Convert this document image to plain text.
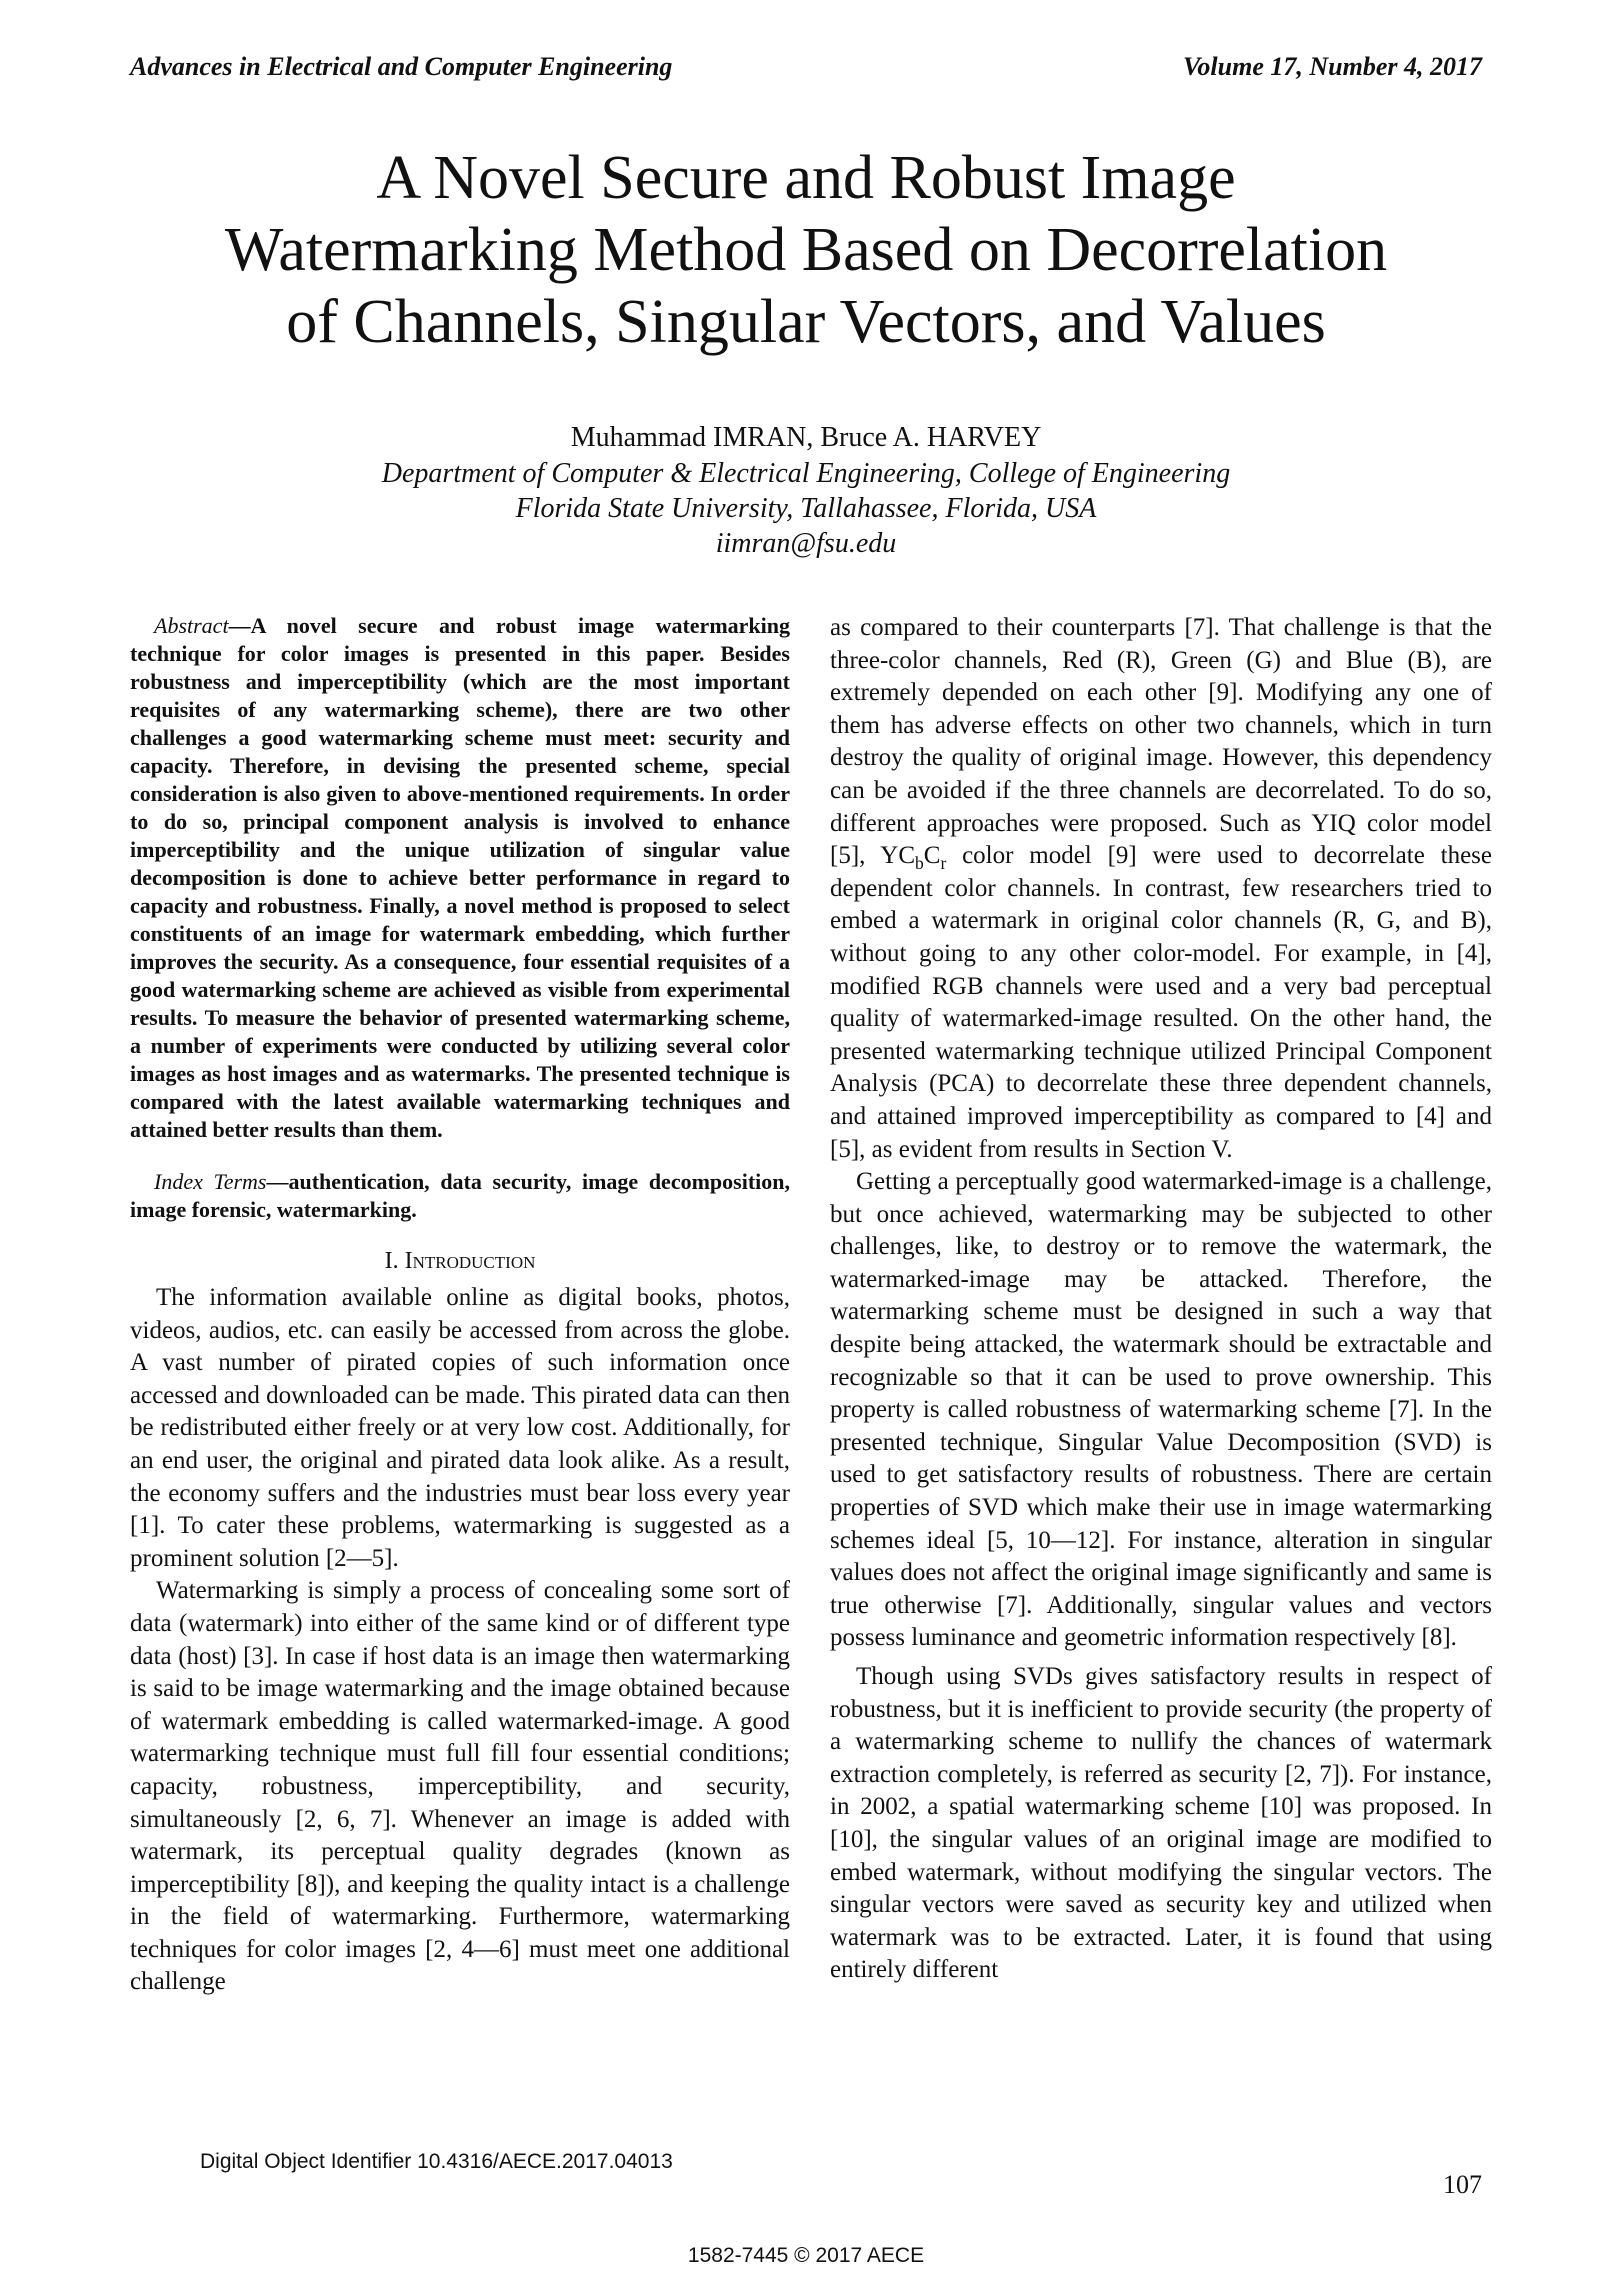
Advances in Electrical and Computer Engineering	Volume 17, Number 4, 2017
A Novel Secure and Robust Image
Watermarking Method Based on Decorrelation
of Channels, Singular Vectors, and Values
Muhammad IMRAN, Bruce A. HARVEY
Department of Computer & Electrical Engineering, College of Engineering
Florida State University, Tallahassee, Florida, USA
iimran@fsu.edu

Abstract—A novel secure and robust image watermarking technique for color images is presented in this paper. Besides robustness and imperceptibility (which are the most important requisites of any watermarking scheme), there are two other challenges a good watermarking scheme must meet: security and capacity. Therefore, in devising the presented scheme, special consideration is also given to above-mentioned requirements. In order to do so, principal component analysis is involved to enhance imperceptibility and the unique utilization of singular value decomposition is done to achieve better performance in regard to capacity and robustness. Finally, a novel method is proposed to select constituents of an image for watermark embedding, which further improves the security. As a consequence, four essential requisites of a good watermarking scheme are achieved as visible from experimental results. To measure the behavior of presented watermarking scheme, a number of experiments were conducted by utilizing several color images as host images and as watermarks. The presented technique is compared with the latest available watermarking techniques and attained better results than them.

Index Terms—authentication, data security, image decomposition, image forensic, watermarking.

I. Introduction

The information available online as digital books, photos, videos, audios, etc. can easily be accessed from across the globe. A vast number of pirated copies of such information once accessed and downloaded can be made. This pirated data can then be redistributed either freely or at very low cost. Additionally, for an end user, the original and pirated data look alike. As a result, the economy suffers and the industries must bear loss every year [1]. To cater these problems, watermarking is suggested as a prominent solution [2—5].

Watermarking is simply a process of concealing some sort of data (watermark) into either of the same kind or of different type data (host) [3]. In case if host data is an image then watermarking is said to be image watermarking and the image obtained because of watermark embedding is called watermarked-image. A good watermarking technique must full fill four essential conditions; capacity, robustness, imperceptibility, and security, simultaneously [2, 6, 7]. Whenever an image is added with watermark, its perceptual quality degrades (known as imperceptibility [8]), and keeping the quality intact is a challenge in the field of watermarking. Furthermore, watermarking techniques for color images [2, 4—6] must meet one additional challenge

as compared to their counterparts [7]. That challenge is that the three-color channels, Red (R), Green (G) and Blue (B), are extremely depended on each other [9]. Modifying any one of them has adverse effects on other two channels, which in turn destroy the quality of original image. However, this dependency can be avoided if the three channels are decorrelated. To do so, different approaches were proposed. Such as YIQ color model [5], $YC_bC_r$ color model [9] were used to decorrelate these dependent color channels. In contrast, few researchers tried to embed a watermark in original color channels (R, G, and B), without going to any other color-model. For example, in [4], modified RGB channels were used and a very bad perceptual quality of watermarked-image resulted. On the other hand, the presented watermarking technique utilized Principal Component Analysis (PCA) to decorrelate these three dependent channels, and attained improved imperceptibility as compared to [4] and [5], as evident from results in Section V.

Getting a perceptually good watermarked-image is a challenge, but once achieved, watermarking may be subjected to other challenges, like, to destroy or to remove the watermark, the watermarked-image may be attacked. Therefore, the watermarking scheme must be designed in such a way that despite being attacked, the watermark should be extractable and recognizable so that it can be used to prove ownership. This property is called robustness of watermarking scheme [7]. In the presented technique, Singular Value Decomposition (SVD) is used to get satisfactory results of robustness. There are certain properties of SVD which make their use in image watermarking schemes ideal [5, 10—12]. For instance, alteration in singular values does not affect the original image significantly and same is true otherwise [7]. Additionally, singular values and vectors possess luminance and geometric information respectively [8].

Though using SVDs gives satisfactory results in respect of robustness, but it is inefficient to provide security (the property of a watermarking scheme to nullify the chances of watermark extraction completely, is referred as security [2, 7]). For instance, in 2002, a spatial watermarking scheme [10] was proposed. In [10], the singular values of an original image are modified to embed watermark, without modifying the singular vectors. The singular vectors were saved as security key and utilized when watermark was to be extracted. Later, it is found that using entirely different

Digital Object Identifier 10.4316/AECE.2017.04013
107
1582-7445 © 2017 AECE
